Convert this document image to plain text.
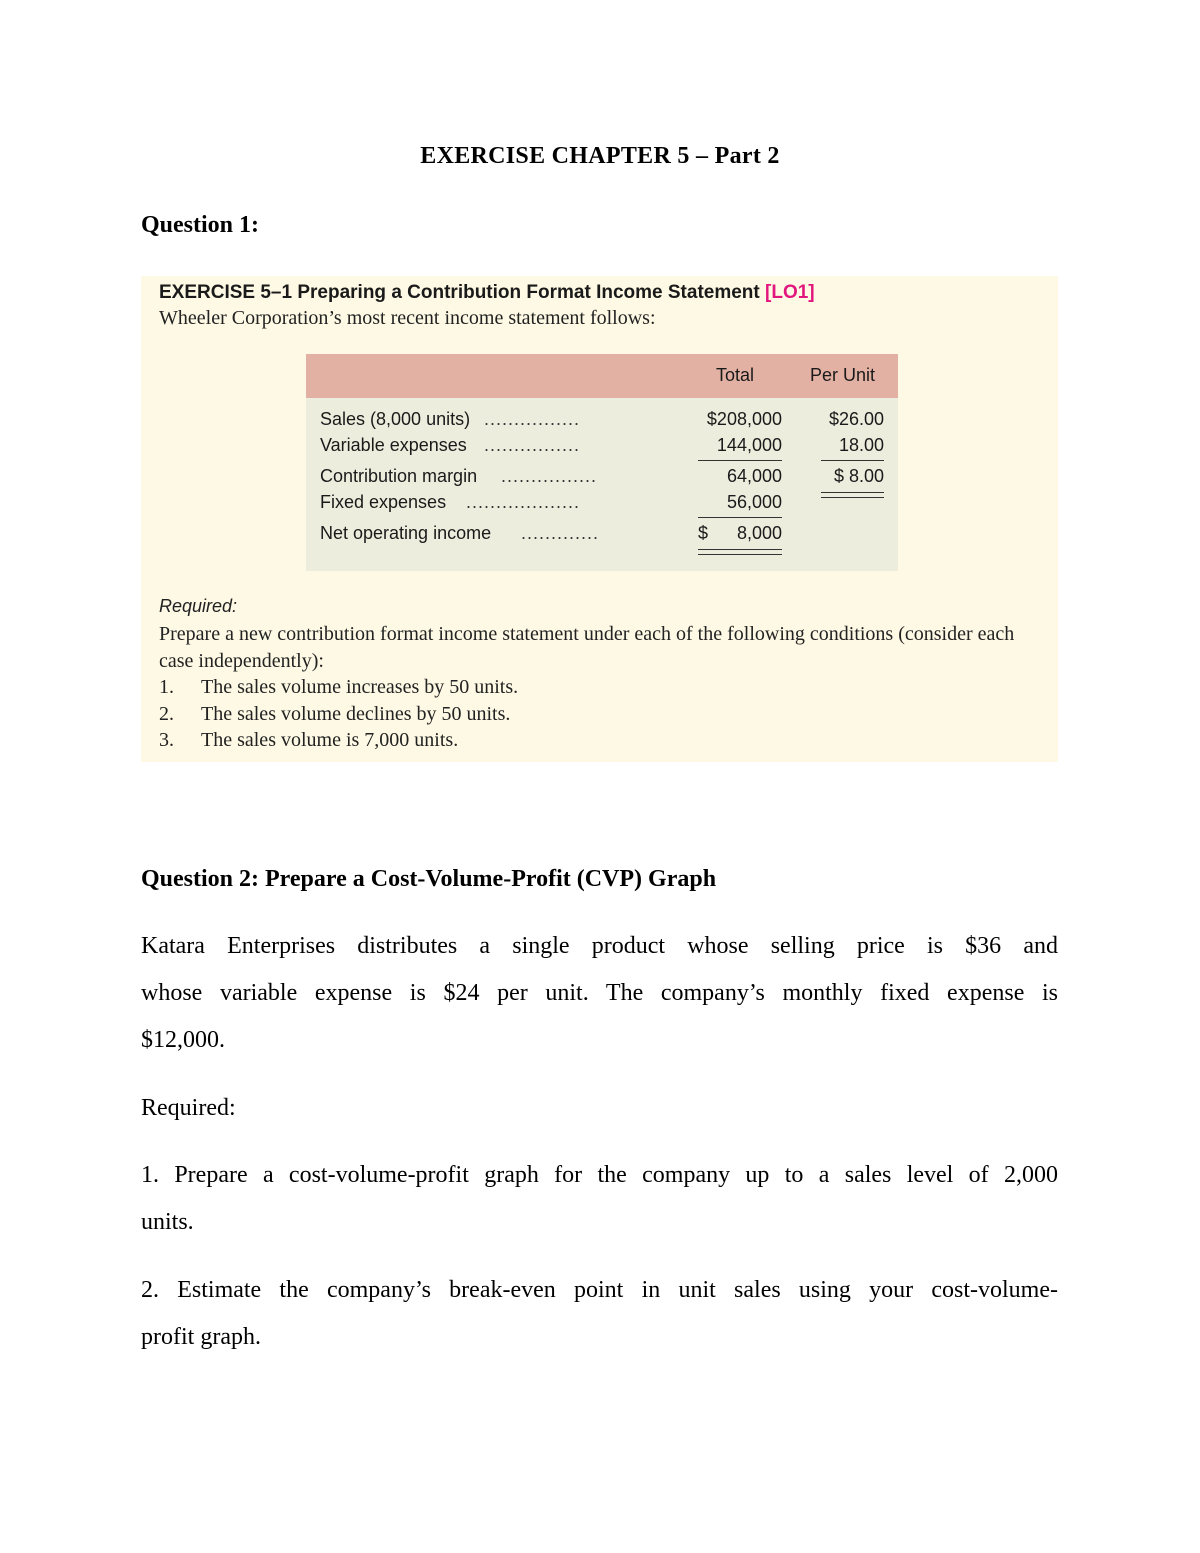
EXERCISE CHAPTER 5 – Part 2
Question 1:
EXERCISE 5–1 Preparing a Contribution Format Income Statement [LO1]
Wheeler Corporation’s most recent income statement follows:
Total	Per Unit
................
Sales (8,000 units)	$208,000	$26.00
................
Variable expenses	144,000	18.00
................
Contribution margin	64,000	$ 8.00
...................
Fixed expenses	56,000
.............
Net operating income	$ 8,000
Required:
Prepare a new contribution format income statement under each of the following conditions (consider each case independently):
1. The sales volume increases by 50 units.
2. The sales volume declines by 50 units.
3. The sales volume is 7,000 units.
Question 2: Prepare a Cost-Volume-Profit (CVP) Graph
Katara Enterprises distributes a single product whose selling price is $36 and
whose variable expense is $24 per unit. The company’s monthly fixed expense is
$12,000.
Required:
1. Prepare a cost-volume-profit graph for the company up to a sales level of 2,000
units.
2. Estimate the company’s break-even point in unit sales using your cost-volume-
profit graph.
